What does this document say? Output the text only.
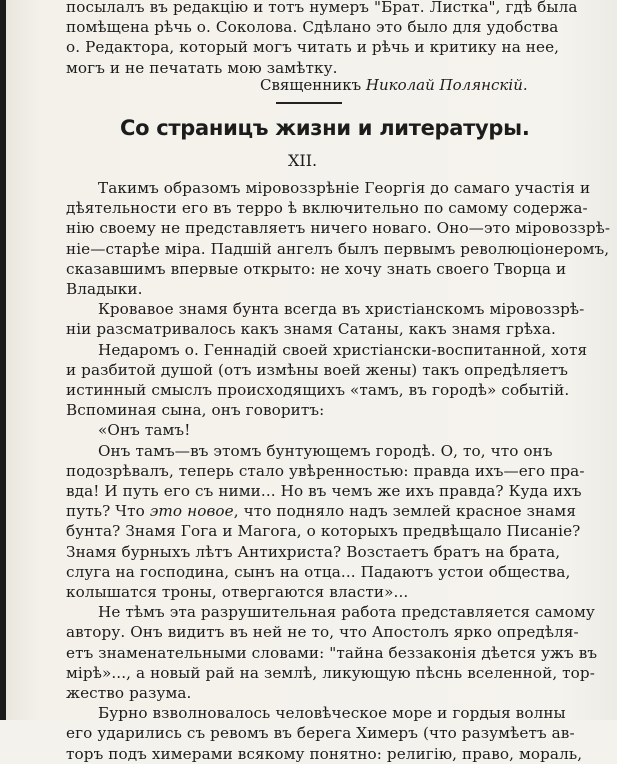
посылалъ въ редакцію и тотъ нумеръ "Брат. Листка", гдѣ была
помѣщена рѣчь о. Соколова. Сдѣлано это было для удобства
о. Редактора, который могъ читать и рѣчь и критику на нее,
могъ и не печатать мою замѣтку.
Священникъ Николай Полянскій.
Со страницъ жизни и литературы.
XII.
Такимъ образомъ міровоззрѣніе Георгія до самаго участія и
дѣятельности его въ терро ѣ включительно по самому содержа-
нію своему не представляетъ ничего новаго. Оно—это міровоззрѣ-
ніе—старѣе міра. Падшій ангелъ былъ первымъ революціонеромъ,
сказавшимъ впервые открыто: не хочу знать своего Творца и
Владыки.
Кровавое знамя бунта всегда въ христіанскомъ міровоззрѣ-
ніи разсматривалось какъ знамя Сатаны, какъ знамя грѣха.
Недаромъ о. Геннадій своей христіански-воспитанной, хотя
и разбитой душой (отъ измѣны воей жены) такъ опредѣляетъ
истинный смыслъ происходящихъ «тамъ, въ городѣ» событій.
Вспоминая сына, онъ говоритъ:
«Онъ тамъ!
Онъ тамъ—въ этомъ бунтующемъ городѣ. О, то, что онъ
подозрѣвалъ, теперь стало увѣренностью: правда ихъ—его пра-
вда! И путь его съ ними... Но въ чемъ же ихъ правда? Куда ихъ
путь? Что это новое, что подняло надъ землей красное знамя
бунта? Знамя Гога и Магога, о которыхъ предвѣщало Писаніе?
Знамя бурныхъ лѣтъ Антихриста? Возстаетъ братъ на брата,
слуга на господина, сынъ на отца... Падаютъ устои общества,
колышатся троны, отвергаются власти»...
Не тѣмъ эта разрушительная работа представляется самому
автору. Онъ видитъ въ ней не то, что Апостолъ ярко опредѣля-
етъ знаменательными словами: "тайна беззаконія дѣется ужъ въ
мірѣ»..., а новый рай на землѣ, ликующую пѣснь вселенной, тор-
жество разума.
Бурно взволновалось человѣческое море и гордыя волны
его ударились съ ревомъ въ берега Химеръ (что разумѣетъ ав-
торъ подъ химерами всякому понятно: религію, право, мораль,
